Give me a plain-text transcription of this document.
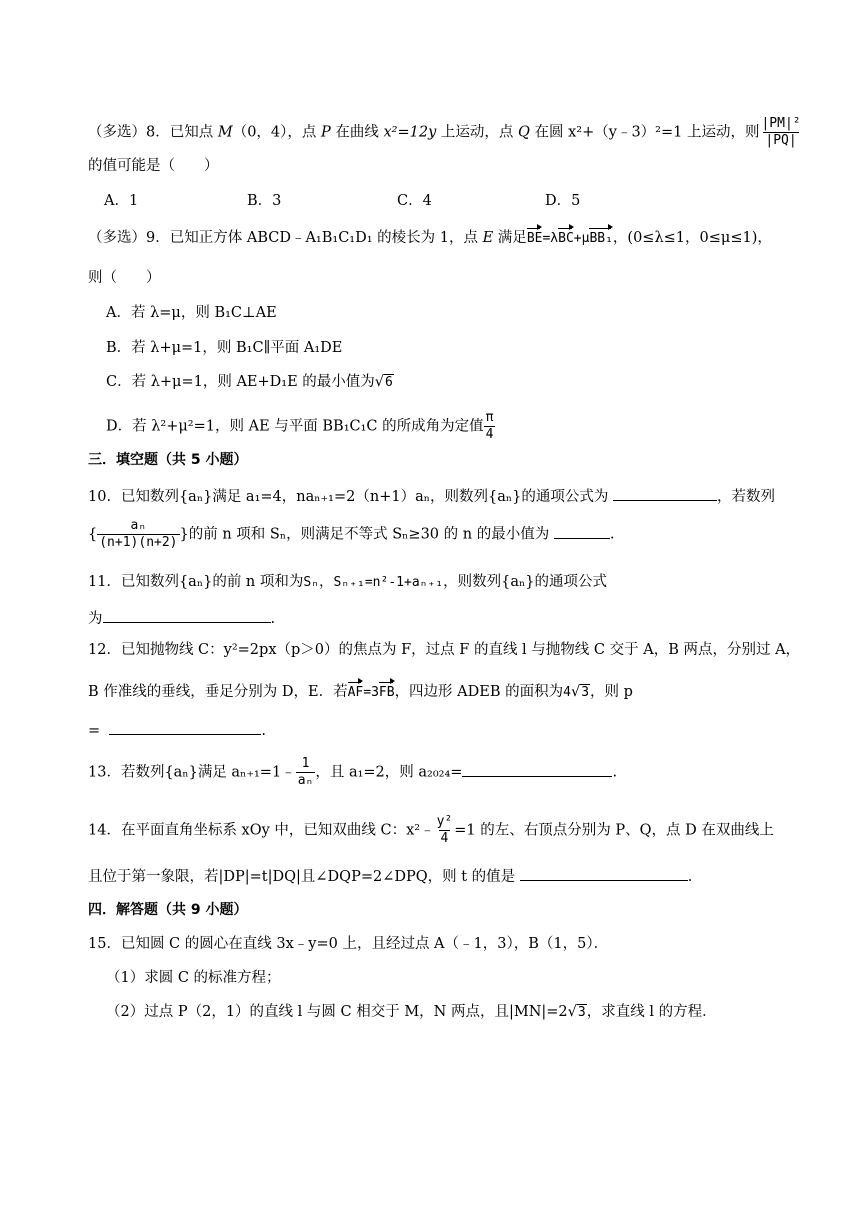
（多选）8．已知点 M（0，4），点 P 在曲线 x²=12y 上运动，点 Q 在圆 x²+（y﹣3）²=1 上运动，则 $\frac{\text{|PM|²}}{|PQ|}$
的值可能是（　　）
A．1	B．3	C．4	D．5
（多选）9．已知正方体 ABCD﹣A₁B₁C₁D₁ 的棱长为 1，点 E 满足BE=λBC+μBB₁，(0≤λ≤1，0≤μ≤1)，
则（　　）
A．若 λ=μ，则 B₁C⊥AE
B．若 λ+μ=1，则 B₁C∥平面 A₁DE
C．若 λ+μ=1，则 AE+D₁E 的最小值为√6
D．若 λ²+μ²=1，则 AE 与平面 BB₁C₁C 的所成角为定值 $\frac{\pi}{4}$
三．填空题（共 5 小题）
10．已知数列{aₙ}满足 a₁=4，naₙ₊₁=2（n+1）aₙ，则数列{aₙ}的通项公式为	，若数列
{ $\frac{\text{aₙ}}{(n+1)(n+2)}$ }的前 n 项和 Sₙ，则满足不等式 Sₙ≥30 的 n 的最小值为	.
11．已知数列{aₙ}的前 n 项和为Sₙ，Sₙ₊₁=n²-1+aₙ₊₁，则数列{aₙ}的通项公式
为	.
12．已知抛物线 C：y²=2px（p＞0）的焦点为 F，过点 F 的直线 l 与抛物线 C 交于 A，B 两点，分别过 A，
B 作准线的垂线，垂足分别为 D，E．若AF=3FB，四边形 ADEB 的面积为4√3，则 p
=	.
13．若数列{aₙ}满足 aₙ₊₁=1﹣ $\frac{1}{\text{aₙ}}$ ，且 a₁=2，则 a₂₀₂₄=	.
14．在平面直角坐标系 xOy 中，已知双曲线 C：x²﹣ $\frac{\text{y²}}{4} =1$ 的左、右顶点分别为 P、Q，点 D 在双曲线上
且位于第一象限，若|DP|=t|DQ|且∠DQP=2∠DPQ，则 t 的值是	.
四．解答题（共 9 小题）
15．已知圆 C 的圆心在直线 3x﹣y=0 上，且经过点 A（﹣1，3），B（1，5）．
（1）求圆 C 的标准方程；
（2）过点 P（2，1）的直线 l 与圆 C 相交于 M，N 两点，且|MN|=2√3，求直线 l 的方程．
